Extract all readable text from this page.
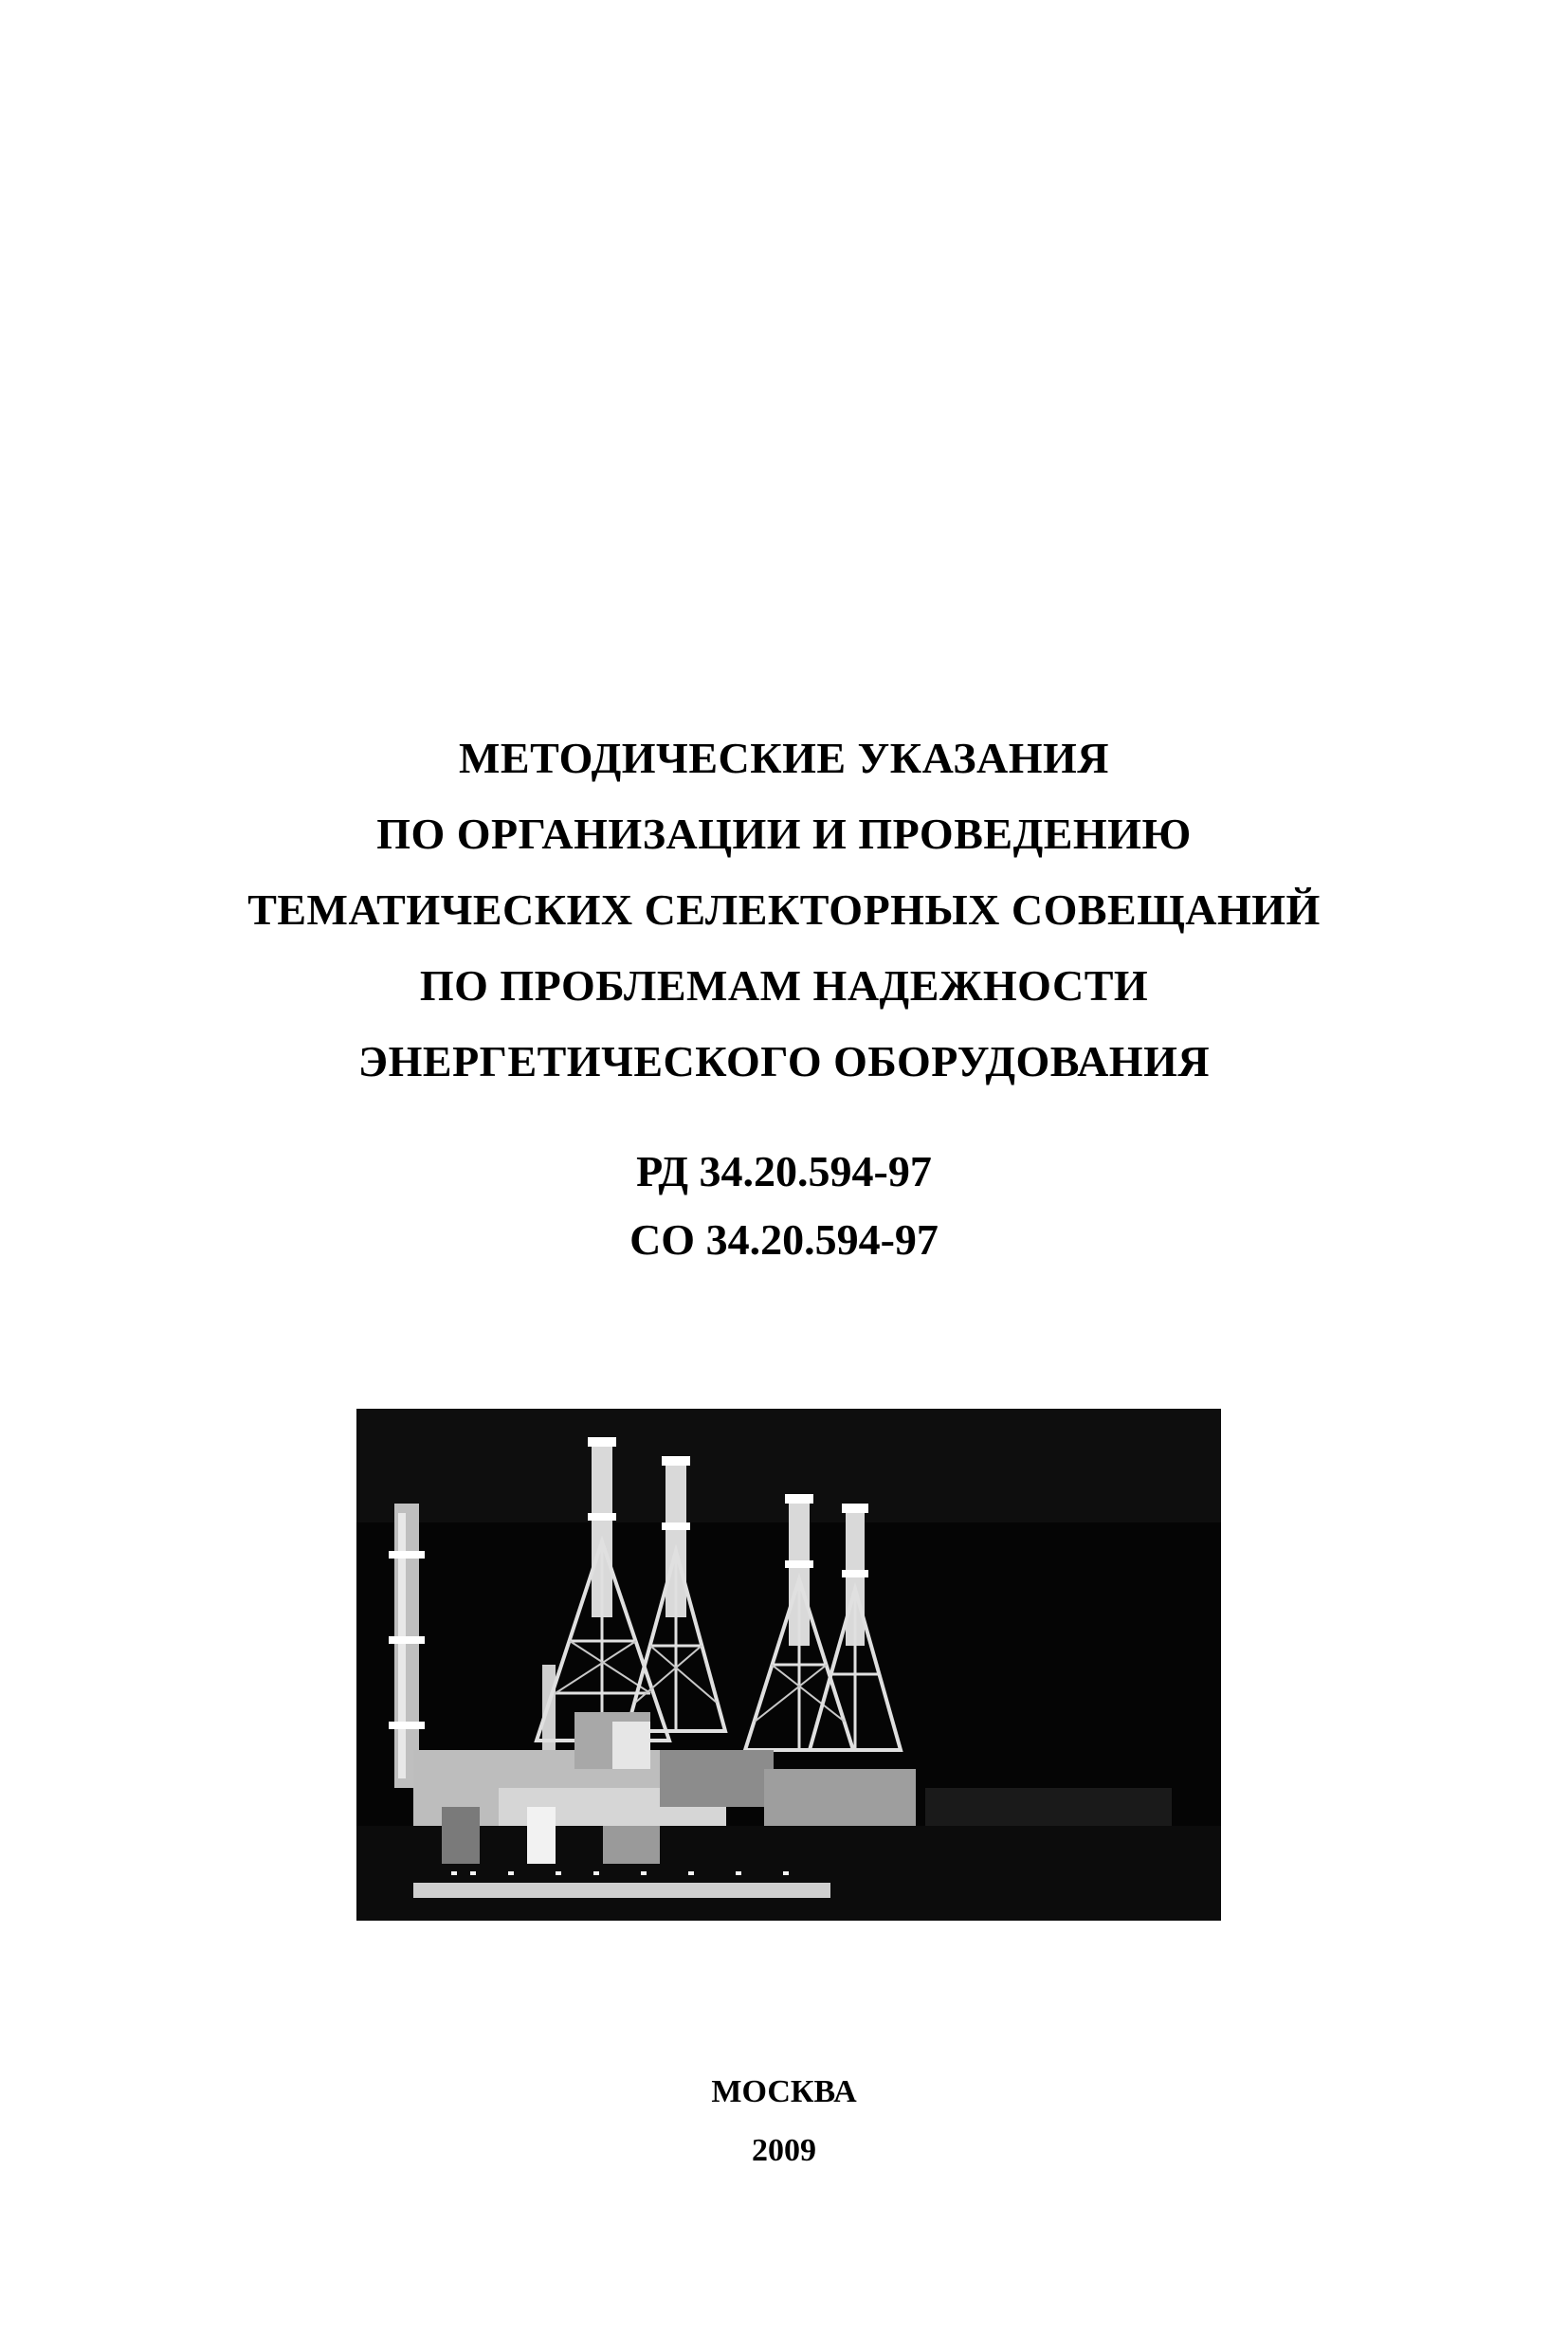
МЕТОДИЧЕСКИЕ УКАЗАНИЯ
ПО ОРГАНИЗАЦИИ И ПРОВЕДЕНИЮ
ТЕМАТИЧЕСКИХ СЕЛЕКТОРНЫХ СОВЕЩАНИЙ
ПО ПРОБЛЕМАМ НАДЕЖНОСТИ
ЭНЕРГЕТИЧЕСКОГО ОБОРУДОВАНИЯ
РД 34.20.594-97
СО 34.20.594-97
МОСКВА
2009
